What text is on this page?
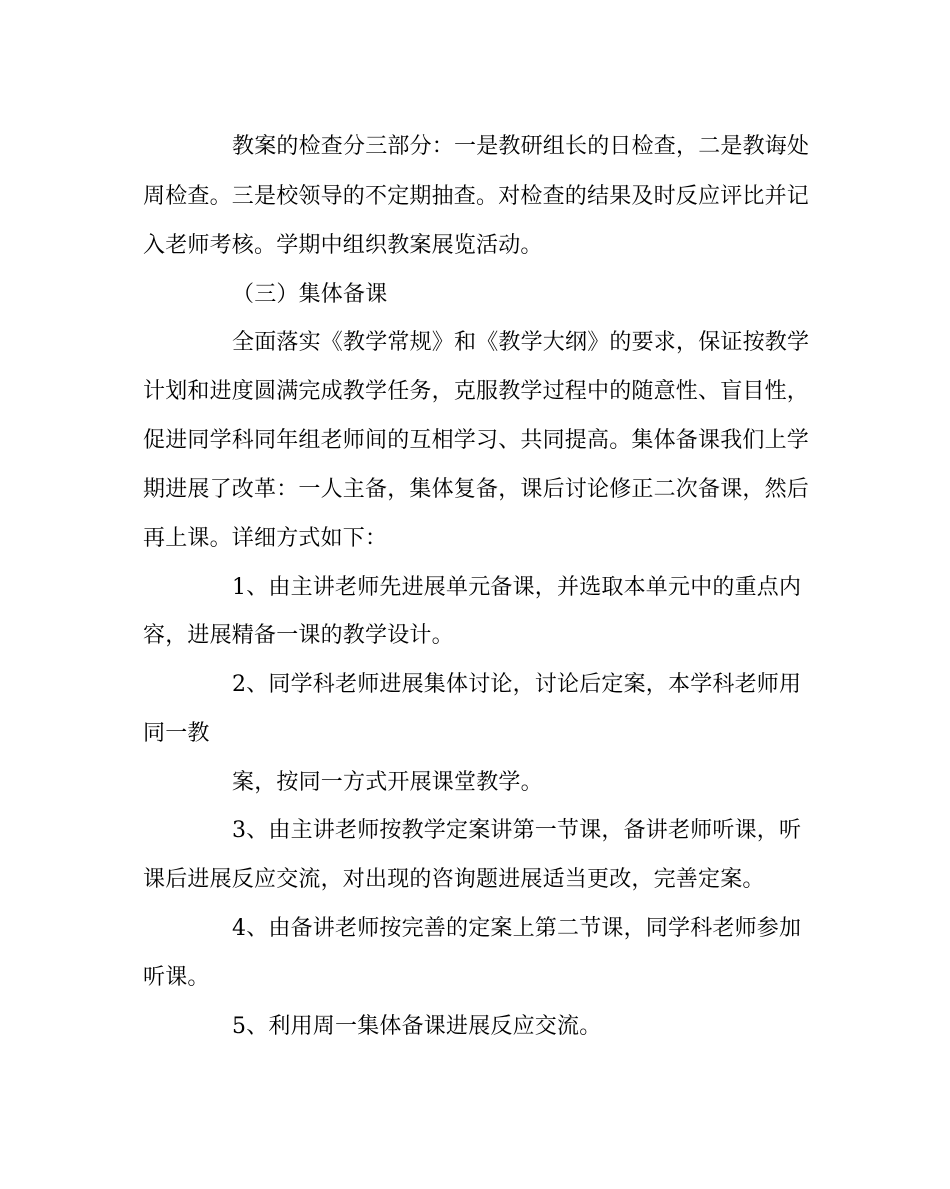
教案的检查分三部分：一是教研组长的日检查，二是教诲处

周检查。三是校领导的不定期抽查。对检查的结果及时反应评比并记

入老师考核。学期中组织教案展览活动。

（三）集体备课

全面落实《教学常规》和《教学大纲》的要求，保证按教学

计划和进度圆满完成教学任务，克服教学过程中的随意性、盲目性，

促进同学科同年组老师间的互相学习、共同提高。集体备课我们上学

期进展了改革：一人主备，集体复备，课后讨论修正二次备课，然后

再上课。详细方式如下：

1、由主讲老师先进展单元备课，并选取本单元中的重点内

容，进展精备一课的教学设计。

2、同学科老师进展集体讨论，讨论后定案，本学科老师用

同一教

案，按同一方式开展课堂教学。

3、由主讲老师按教学定案讲第一节课，备讲老师听课，听

课后进展反应交流，对出现的咨询题进展适当更改，完善定案。

4、由备讲老师按完善的定案上第二节课，同学科老师参加

听课。

5、利用周一集体备课进展反应交流。
